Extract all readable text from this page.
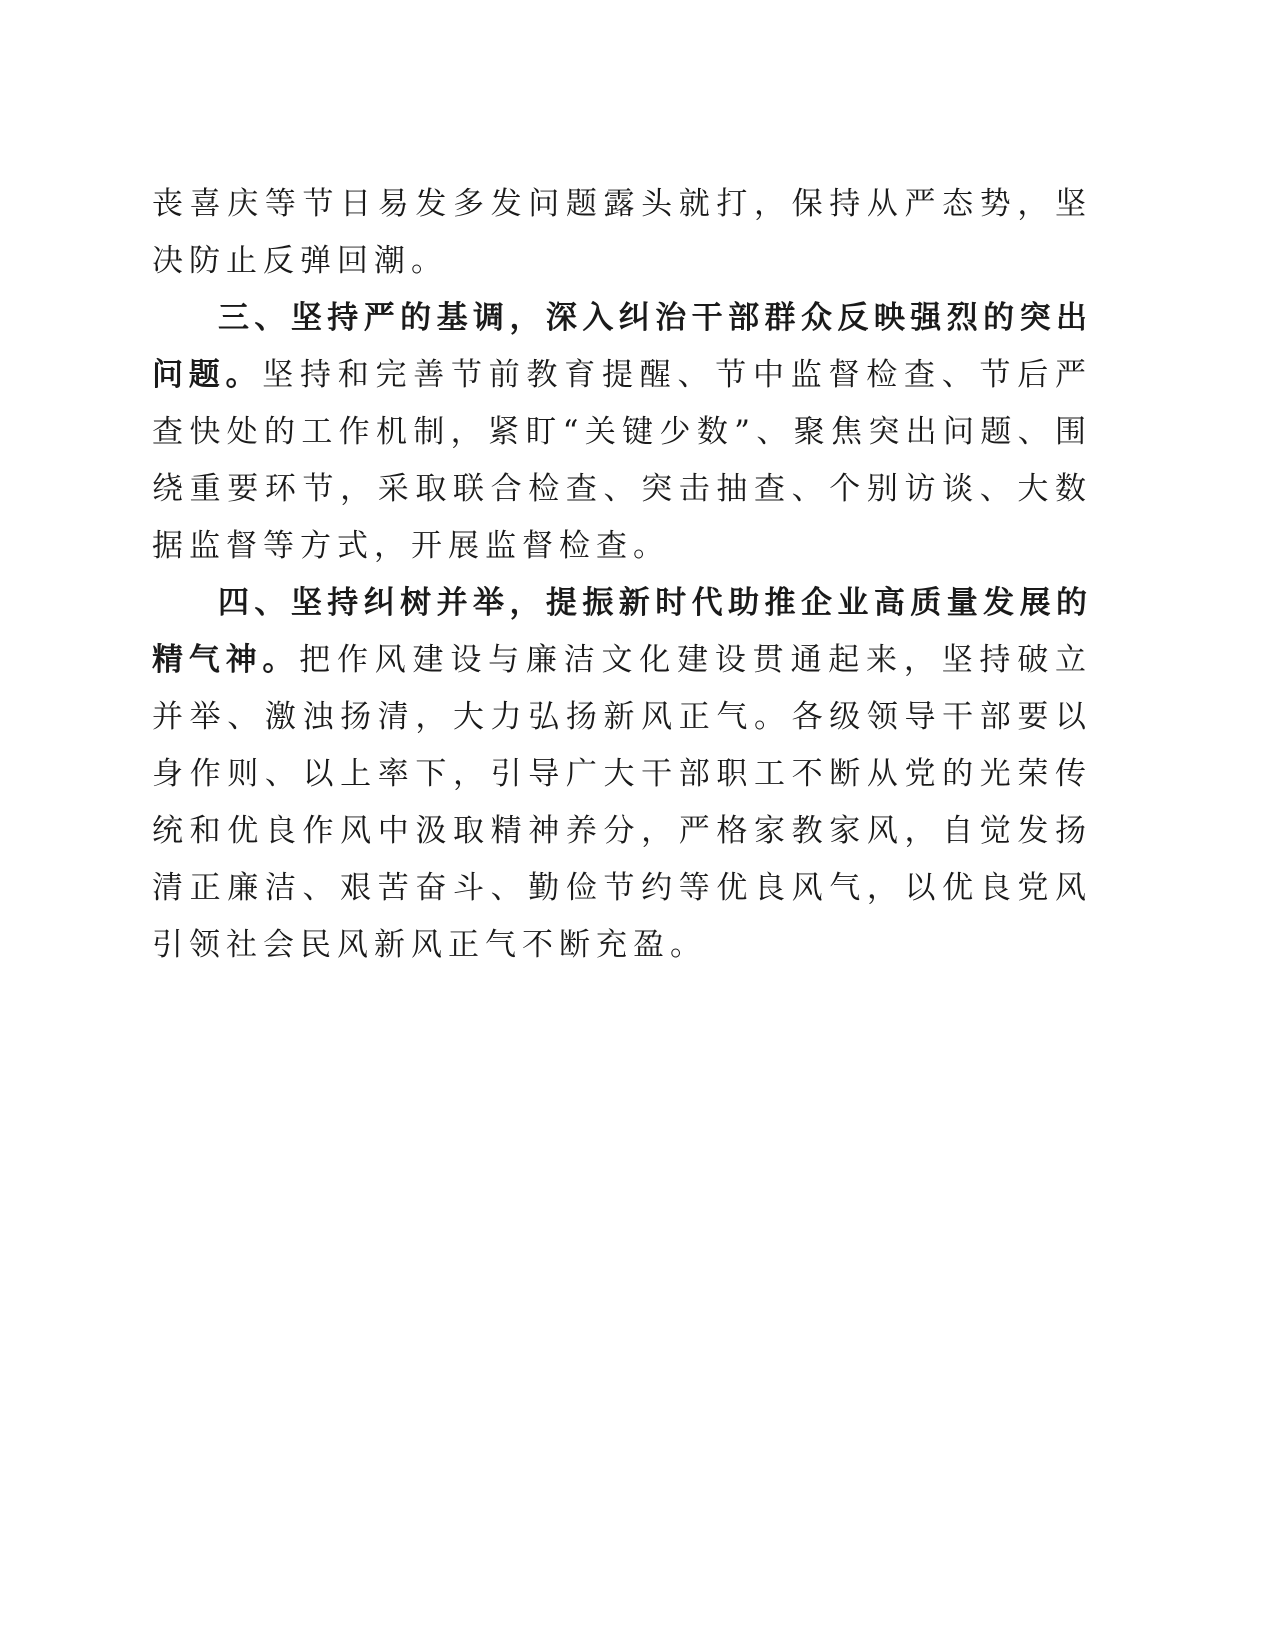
丧喜庆等节日易发多发问题露头就打，保持从严态势，坚决防止反弹回潮。

三、坚持严的基调，深入纠治干部群众反映强烈的突出问题。坚持和完善节前教育提醒、节中监督检查、节后严查快处的工作机制，紧盯“关键少数”、聚焦突出问题、围绕重要环节，采取联合检查、突击抽查、个别访谈、大数据监督等方式，开展监督检查。

四、坚持纠树并举，提振新时代助推企业高质量发展的精气神。把作风建设与廉洁文化建设贯通起来，坚持破立并举、激浊扬清，大力弘扬新风正气。各级领导干部要以身作则、以上率下，引导广大干部职工不断从党的光荣传统和优良作风中汲取精神养分，严格家教家风，自觉发扬清正廉洁、艰苦奋斗、勤俭节约等优良风气，以优良党风引领社会民风新风正气不断充盈。
